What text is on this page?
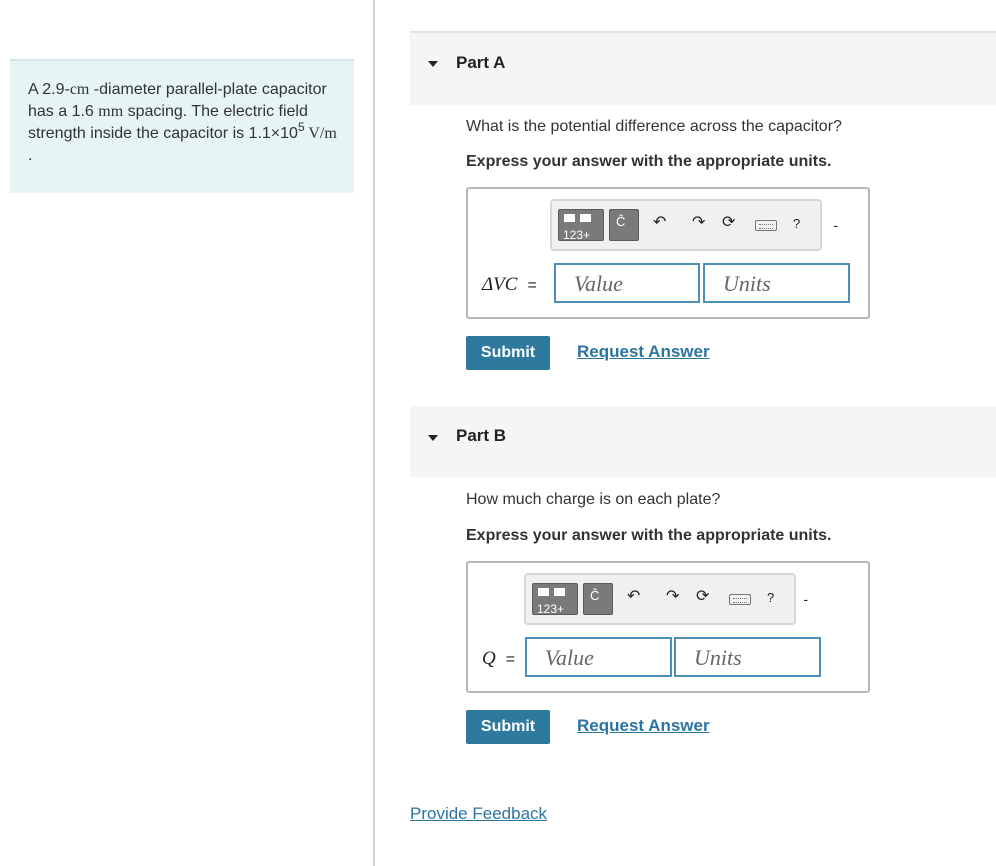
A 2.9-cm -diameter parallel-plate capacitor has a 1.6 mm spacing. The electric field strength inside the capacitor is $1.1\times 10^5$ V/m .
Part A
What is the potential difference across the capacitor?
Express your answer with the appropriate units.
123+
Ĉ ↶ ↷ ⟳	? -
ΔVC =	Value	Units
Submit	Request Answer
Part B
How much charge is on each plate?
Express your answer with the appropriate units.
123+
Ĉ ↶ ↷ ⟳	? -
Q =	Value	Units
Submit	Request Answer
Provide Feedback
